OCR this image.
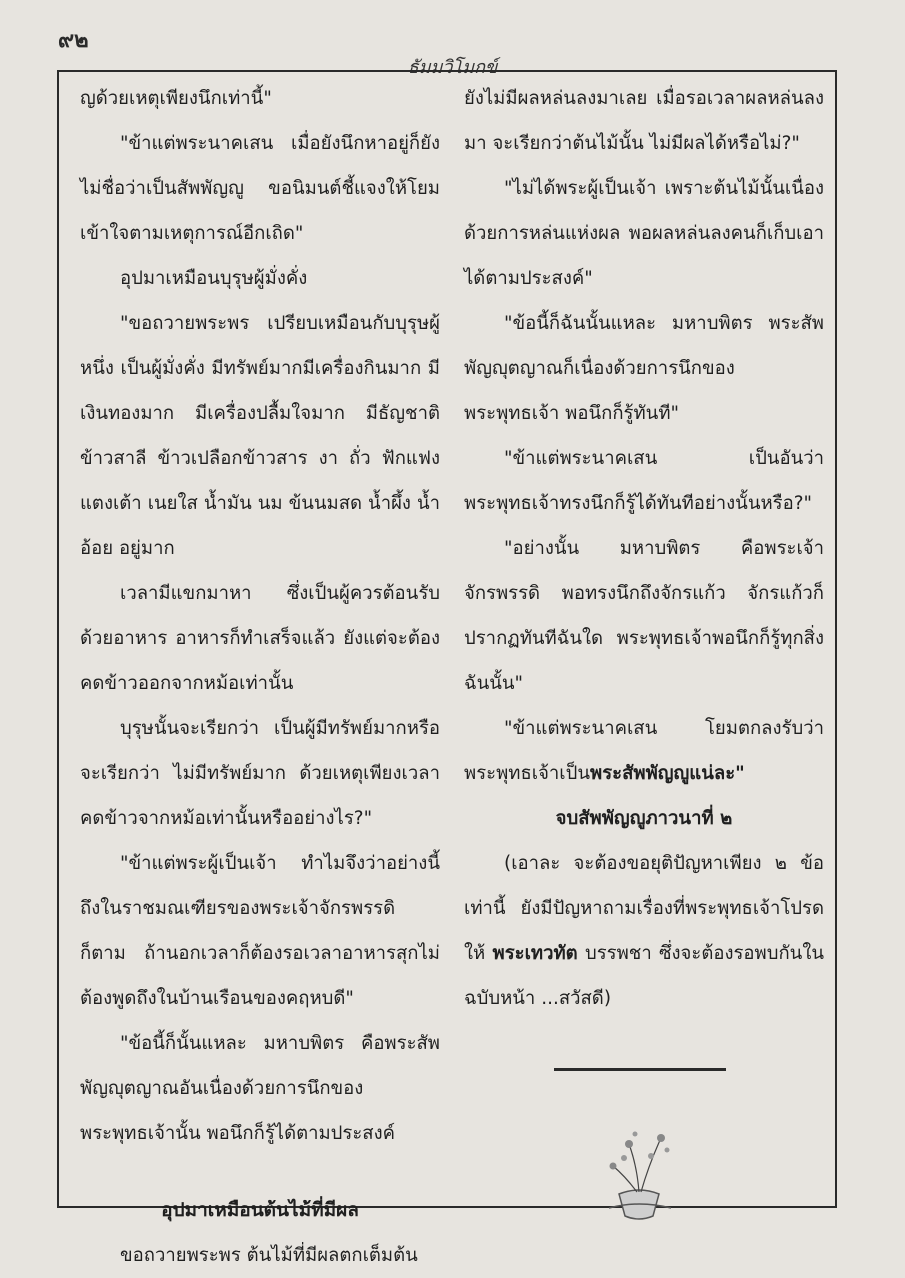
๙๒
ธัมมวิโมกข์

ญด้วยเหตุเพียงนึกเท่านี้"

"ข้าแต่พระนาคเสน เมื่อยังนึกหาอยู่ก็ยังไม่ชื่อว่าเป็นสัพพัญญู ขอนิมนต์ชี้แจงให้โยมเข้าใจตามเหตุการณ์อีกเถิด"

อุปมาเหมือนบุรุษผู้มั่งคั่ง

"ขอถวายพระพร เปรียบเหมือนกับบุรุษผู้หนึ่ง เป็นผู้มั่งคั่ง มีทรัพย์มากมีเครื่องกินมาก มีเงินทองมาก มีเครื่องปลื้มใจมาก มีธัญชาติ ข้าวสาลี ข้าวเปลือกข้าวสาร งา ถั่ว ฟักแฟง แตงเต้า เนยใส น้ำมัน นม ข้นนมสด น้ำผึ้ง น้ำอ้อย อยู่มาก

เวลามีแขกมาหา ซึ่งเป็นผู้ควรต้อนรับด้วยอาหาร อาหารก็ทำเสร็จแล้ว ยังแต่จะต้องคดข้าวออกจากหม้อเท่านั้น

บุรุษนั้นจะเรียกว่า เป็นผู้มีทรัพย์มากหรือจะเรียกว่า ไม่มีทรัพย์มาก ด้วยเหตุเพียงเวลาคดข้าวจากหม้อเท่านั้นหรืออย่างไร?"

"ข้าแต่พระผู้เป็นเจ้า ทำไมจึงว่าอย่างนี้ถึงในราชมณเฑียรของพระเจ้าจักรพรรดิก็ตาม ถ้านอกเวลาก็ต้องรอเวลาอาหารสุกไม่ต้องพูดถึงในบ้านเรือนของคฤหบดี"

"ข้อนี้ก็นั้นแหละ มหาบพิตร คือพระสัพพัญญุตญาณอันเนื่องด้วยการนึกของพระพุทธเจ้านั้น พอนึกก็รู้ได้ตามประสงค์

อุปมาเหมือนต้นไม้ที่มีผล

ขอถวายพระพร ต้นไม้ที่มีผลตกเต็มต้น

ยังไม่มีผลหล่นลงมาเลย เมื่อรอเวลาผลหล่นลงมา จะเรียกว่าต้นไม้นั้น ไม่มีผลได้หรือไม่?"

"ไม่ได้พระผู้เป็นเจ้า เพราะต้นไม้นั้นเนื่องด้วยการหล่นแห่งผล พอผลหล่นลงคนก็เก็บเอาได้ตามประสงค์"

"ข้อนี้ก็ฉันนั้นแหละ มหาบพิตร พระสัพพัญญุตญาณก็เนื่องด้วยการนึกของพระพุทธเจ้า พอนึกก็รู้ทันที"

"ข้าแต่พระนาคเสน เป็นอันว่า พระพุทธเจ้าทรงนึกก็รู้ได้ทันทีอย่างนั้นหรือ?"

"อย่างนั้น มหาบพิตร คือพระเจ้าจักรพรรดิ พอทรงนึกถึงจักรแก้ว จักรแก้วก็ปรากฏทันทีฉันใด พระพุทธเจ้าพอนึกก็รู้ทุกสิ่งฉันนั้น"

"ข้าแต่พระนาคเสน โยมตกลงรับว่าพระพุทธเจ้าเป็นพระสัพพัญญูแน่ละ"

จบสัพพัญญูภาวนาที่ ๒

(เอาละ จะต้องขอยุติปัญหาเพียง ๒ ข้อเท่านี้ ยังมีปัญหาถามเรื่องที่พระพุทธเจ้าโปรดให้ พระเทวทัต บรรพชา ซึ่งจะต้องรอพบกันในฉบับหน้า ...สวัสดี)
